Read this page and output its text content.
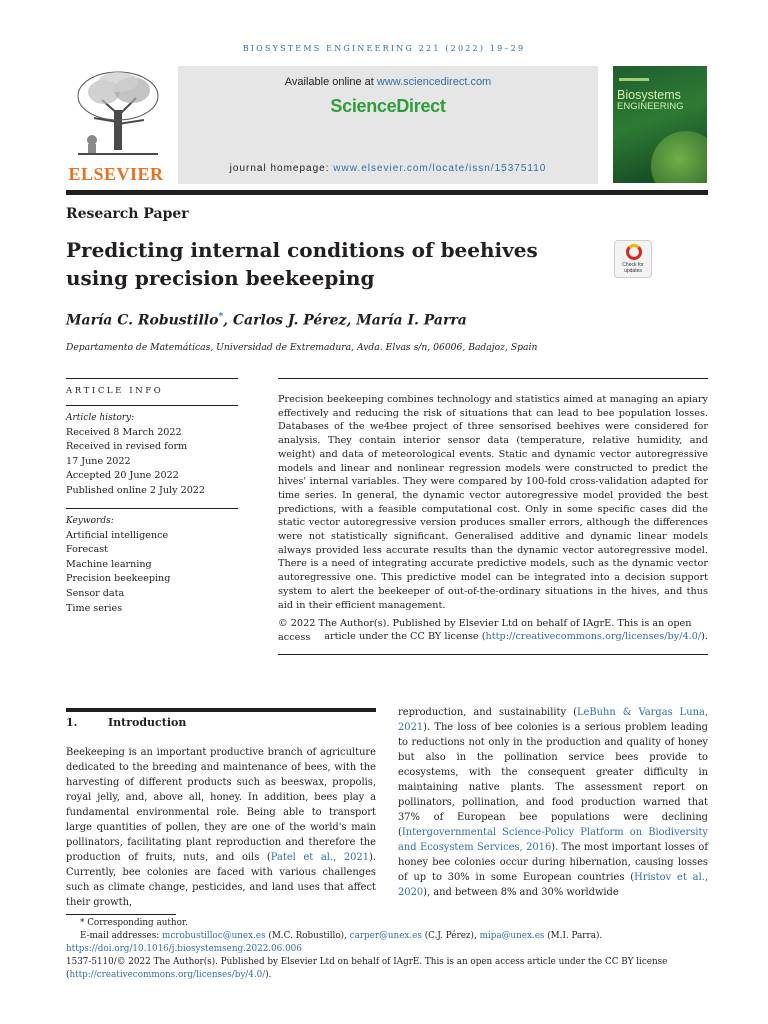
BIOSYSTEMS ENGINEERING 221 (2022) 19–29
ELSEVIER
Available online at www.sciencedirect.com
ScienceDirect
journal homepage: www.elsevier.com/locate/issn/15375110
Biosystems
ENGINEERING
Research Paper
Predicting internal conditions of beehives using precision beekeeping
Check for updates
María C. Robustillo*, Carlos J. Pérez, María I. Parra
Departamento de Matemáticas, Universidad de Extremadura, Avda. Elvas s/n, 06006, Badajoz, Spain
ARTICLE INFO
Article history:
Received 8 March 2022
Received in revised form
17 June 2022
Accepted 20 June 2022
Published online 2 July 2022
Keywords:
Artificial intelligence
Forecast
Machine learning
Precision beekeeping
Sensor data
Time series
Precision beekeeping combines technology and statistics aimed at managing an apiary effectively and reducing the risk of situations that can lead to bee population losses. Databases of the we4bee project of three sensorised beehives were considered for analysis. They contain interior sensor data (temperature, relative humidity, and weight) and data of meteorological events. Static and dynamic vector autoregressive models and linear and nonlinear regression models were constructed to predict the hives' internal variables. They were compared by 100-fold cross-validation adapted for time series. In general, the dynamic vector autoregressive model provided the best predictions, with a feasible computational cost. Only in some specific cases did the static vector autoregressive version produces smaller errors, although the differences were not statistically significant. Generalised additive and dynamic linear models always provided less accurate results than the dynamic vector autoregressive model. There is a need of integrating accurate predictive models, such as the dynamic vector autoregressive one. This predictive model can be integrated into a decision support system to alert the beekeeper of out-of-the-ordinary situations in the hives, and thus aid in their efficient management.
© 2022 The Author(s). Published by Elsevier Ltd on behalf of IAgrE. This is an open access	article under the CC BY license (http://creativecommons.org/licenses/by/4.0/).
1.	Introduction
Beekeeping is an important productive branch of agriculture dedicated to the breeding and maintenance of bees, with the harvesting of different products such as beeswax, propolis, royal jelly, and, above all, honey. In addition, bees play a fundamental environmental role. Being able to transport large quantities of pollen, they are one of the world's main pollinators, facilitating plant reproduction and therefore the production of fruits, nuts, and oils (Patel et al., 2021). Currently, bee colonies are faced with various challenges such as climate change, pesticides, and land uses that affect their growth,
reproduction, and sustainability (LeBuhn & Vargas Luna, 2021). The loss of bee colonies is a serious problem leading to reductions not only in the production and quality of honey but also in the pollination service bees provide to ecosystems, with the consequent greater difficulty in maintaining native plants. The assessment report on pollinators, pollination, and food production warned that 37% of European bee populations were declining (Intergovernmental Science-Policy Platform on Biodiversity and Ecosystem Services, 2016). The most important losses of honey bee colonies occur during hibernation, causing losses of up to 30% in some European countries (Hristov et al., 2020), and between 8% and 30% worldwide
* Corresponding author.
E-mail addresses: mcrobustilloc@unex.es (M.C. Robustillo), carper@unex.es (C.J. Pérez), mipa@unex.es (M.I. Parra).
https://doi.org/10.1016/j.biosystemseng.2022.06.006
1537-5110/© 2022 The Author(s). Published by Elsevier Ltd on behalf of IAgrE. This is an open access article under the CC BY license
(http://creativecommons.org/licenses/by/4.0/).
